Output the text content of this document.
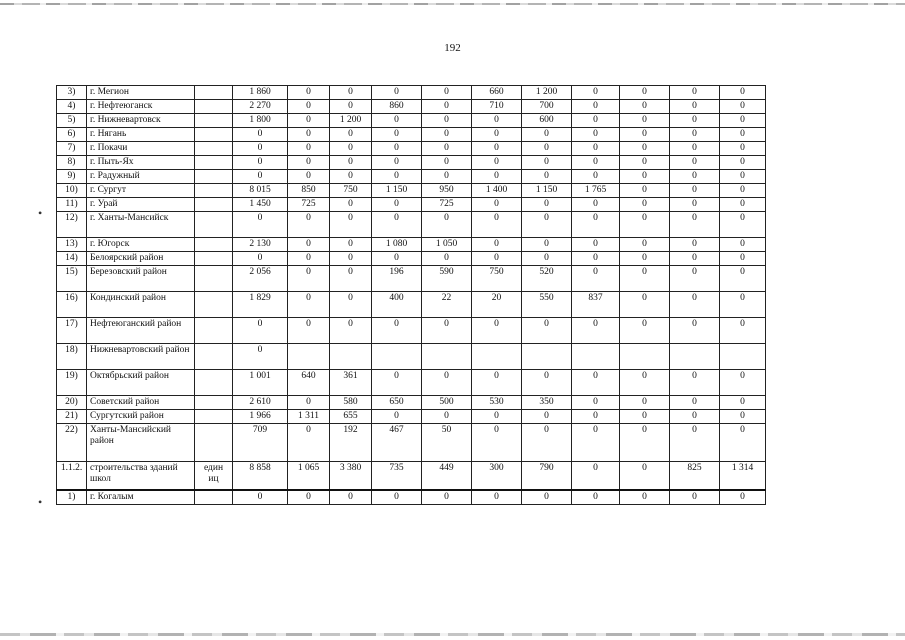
192
•
•
3)	г. Мегион		1 860	0	0	0	0	660	1 200	0	0	0	0
4)	г. Нефтеюганск		2 270	0	0	860	0	710	700	0	0	0	0
5)	г. Нижневартовск		1 800	0	1 200	0	0	0	600	0	0	0	0
6)	г. Нягань		0	0	0	0	0	0	0	0	0	0	0
7)	г. Покачи		0	0	0	0	0	0	0	0	0	0	0
8)	г. Пыть-Ях		0	0	0	0	0	0	0	0	0	0	0
9)	г. Радужный		0	0	0	0	0	0	0	0	0	0	0
10)	г. Сургут		8 015	850	750	1 150	950	1 400	1 150	1 765	0	0	0
11)	г. Урай		1 450	725	0	0	725	0	0	0	0	0	0
12)	г. Ханты-Мансийск		0	0	0	0	0	0	0	0	0	0	0
13)	г. Югорск		2 130	0	0	1 080	1 050	0	0	0	0	0	0
14)	Белоярский район		0	0	0	0	0	0	0	0	0	0	0
15)	Березовский район		2 056	0	0	196	590	750	520	0	0	0	0
16)	Кондинский район		1 829	0	0	400	22	20	550	837	0	0	0
17)	Нефтеюганский район		0	0	0	0	0	0	0	0	0	0	0
18)	Нижневартовский район		0										
19)	Октябрьский район		1 001	640	361	0	0	0	0	0	0	0	0
20)	Советский район		2 610	0	580	650	500	530	350	0	0	0	0
21)	Сургутский район		1 966	1 311	655	0	0	0	0	0	0	0	0
22)	Ханты-Мансийский район		709	0	192	467	50	0	0	0	0	0	0
1.1.2.	строительства зданий школ	един иц	8 858	1 065	3 380	735	449	300	790	0	0	825	1 314
1)	г. Когалым		0	0	0	0	0	0	0	0	0	0	0
